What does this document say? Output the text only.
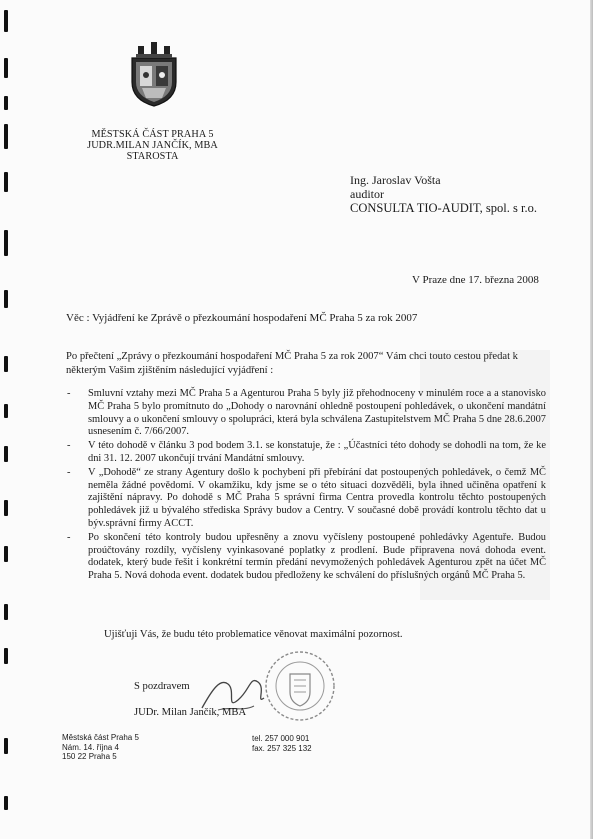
MĚSTSKÁ ČÁST PRAHA 5
JUDR.MILAN JANČÍK, MBA
STAROSTA
Ing. Jaroslav Vošta
auditor
CONSULTA TIO-AUDIT, spol. s r.o.
V Praze dne 17. března 2008
Věc : Vyjádření ke Zprávě o přezkoumání hospodaření MČ Praha 5 za rok 2007
Po přečtení „Zprávy o přezkoumání hospodaření MČ Praha 5 za rok 2007“ Vám chci touto cestou předat k některým Vašim zjištěním následující vyjádření :
- Smluvní vztahy mezi MČ Praha 5 a Agenturou Praha 5 byly již přehodnoceny v minulém roce a a stanovisko MČ Praha 5 bylo promítnuto do „Dohody o narovnání ohledně postoupení pohledávek, o ukončení mandátní smlouvy a o ukončení smlouvy o spolupráci, která byla schválena Zastupitelstvem MČ Praha 5 dne 28.6.2007 usnesením č. 7/66/2007.
- V této dohodě v článku 3 pod bodem 3.1. se konstatuje, že : „Účastníci této dohody se dohodli na tom, že ke dni 31. 12. 2007 ukončují trvání Mandátní smlouvy.
- V „Dohodě“ ze strany Agentury došlo k pochybení při přebírání dat postoupených pohledávek, o čemž MČ neměla žádné povědomí. V okamžiku, kdy jsme se o této situaci dozvěděli, byla ihned učiněna opatření k zajištění nápravy. Po dohodě s MČ Praha 5 správní firma Centra provedla kontrolu těchto postoupených pohledávek již u bývalého střediska Správy budov a Centry. V současné době provádí kontrolu těchto dat u býv.správní firmy ACCT.
- Po skončení této kontroly budou upřesněny a znovu vyčísleny postoupené pohledávky Agentuře. Budou proúčtovány rozdíly, vyčísleny vyinkasované poplatky z prodlení. Bude připravena nová dohoda event. dodatek, který bude řešit i konkrétní termín předání nevymožených pohledávek Agenturou zpět na účet MČ Praha 5. Nová dohoda event. dodatek budou předloženy ke schválení do příslušných orgánů MČ Praha 5.
Ujišťuji Vás, že budu této problematice věnovat maximální pozornost.
S pozdravem
JUDr. Milan Jančík, MBA
Městská část Praha 5
Nám. 14. října 4
150 22 Praha 5
tel. 257 000 901
fax. 257 325 132
